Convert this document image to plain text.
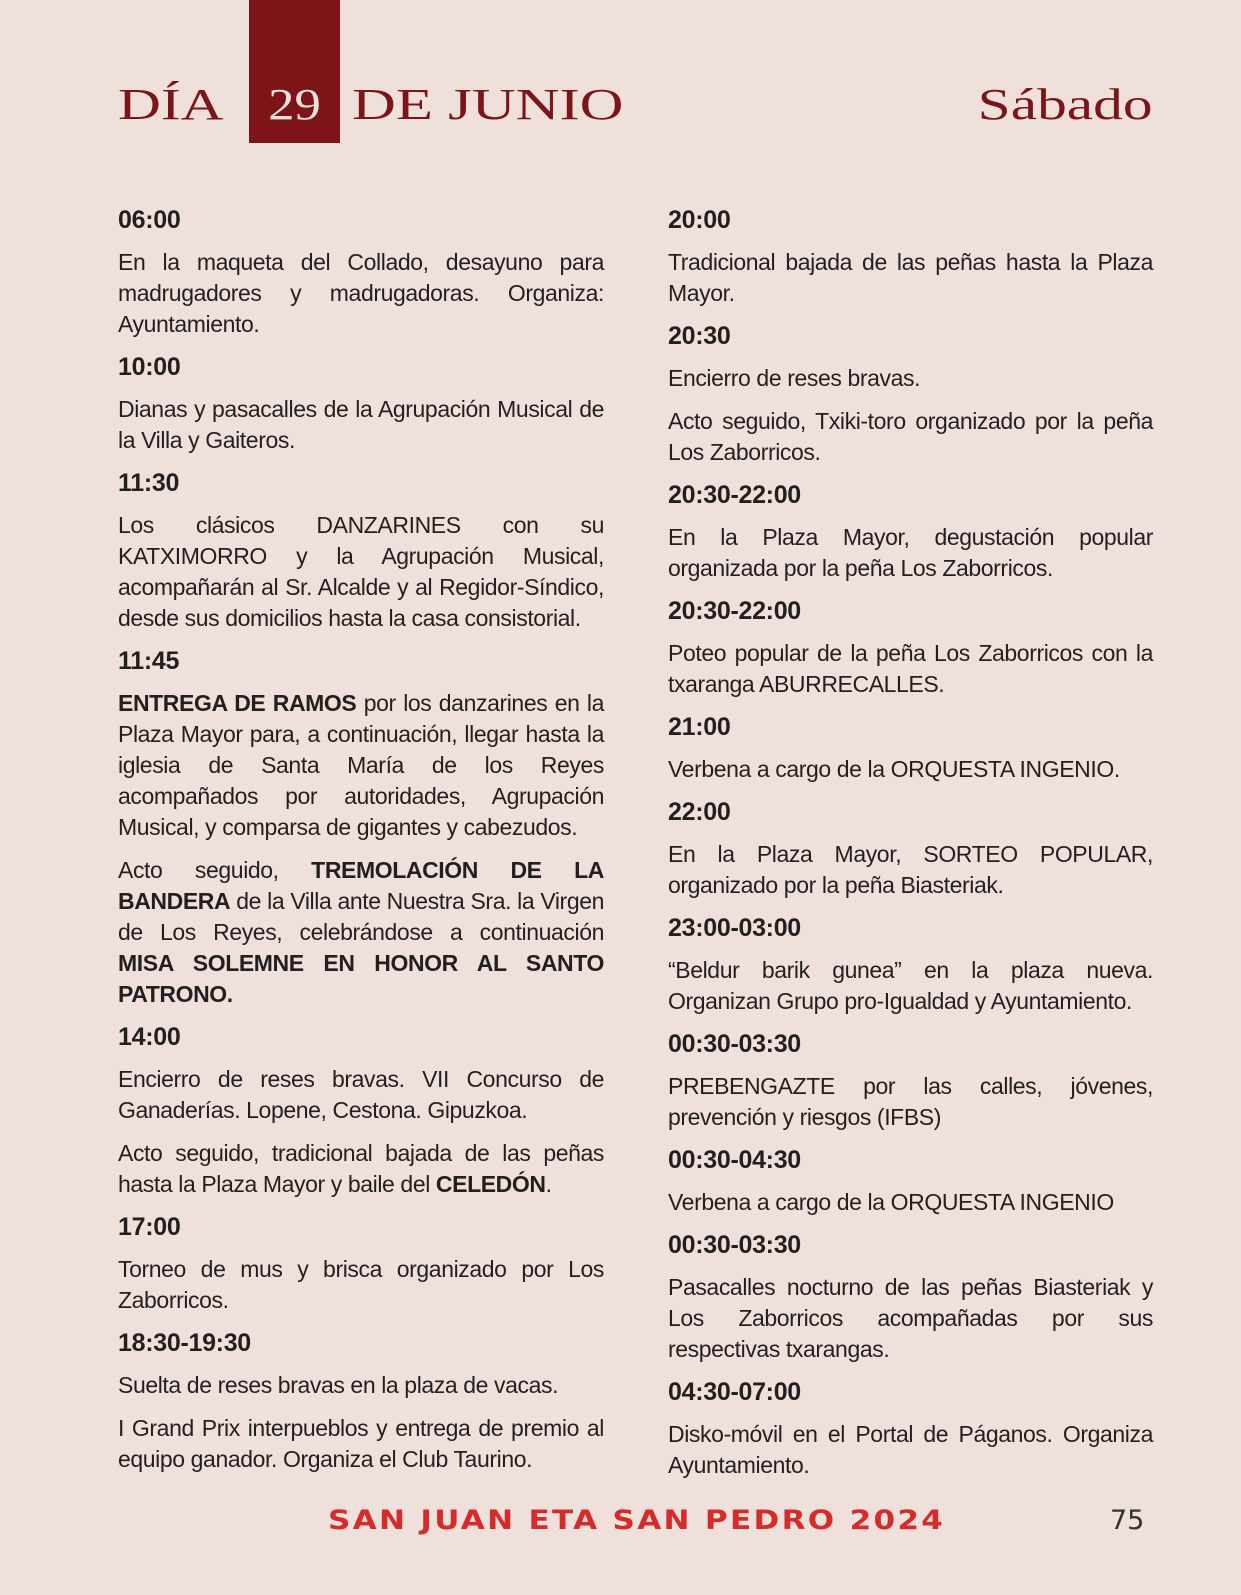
DÍA	29 DE JUNIO	Sábado
06:00
En la maqueta del Collado, desayuno para madrugadores y madrugadoras. Organiza: Ayuntamiento.
10:00
Dianas y pasacalles de la Agrupación Musical de la Villa y Gaiteros.
11:30
Los clásicos DANZARINES con su KATXIMORRO y la Agrupación Musical, acompañarán al Sr. Alcalde y al Regidor-Síndico, desde sus domicilios hasta la casa consistorial.
11:45
ENTREGA DE RAMOS por los danzarines en la Plaza Mayor para, a continuación, llegar hasta la iglesia de Santa María de los Reyes acompañados por autoridades, Agrupación Musical, y comparsa de gigantes y cabezudos.
Acto seguido, TREMOLACIÓN DE LA BANDERA de la Villa ante Nuestra Sra. la Virgen de Los Reyes, celebrándose a continuación MISA SOLEMNE EN HONOR AL SANTO PATRONO.
14:00
Encierro de reses bravas. VII Concurso de Ganaderías. Lopene, Cestona. Gipuzkoa.
Acto seguido, tradicional bajada de las peñas hasta la Plaza Mayor y baile del CELEDÓN.
17:00
Torneo de mus y brisca organizado por Los Zaborricos.
18:30-19:30
Suelta de reses bravas en la plaza de vacas.
I Grand Prix interpueblos y entrega de premio al equipo ganador. Organiza el Club Taurino.
20:00
Tradicional bajada de las peñas hasta la Plaza Mayor.
20:30
Encierro de reses bravas.
Acto seguido, Txiki-toro organizado por la peña Los Zaborricos.
20:30-22:00
En la Plaza Mayor, degustación popular organizada por la peña Los Zaborricos.
20:30-22:00
Poteo popular de la peña Los Zaborricos con la txaranga ABURRECALLES.
21:00
Verbena a cargo de la ORQUESTA INGENIO.
22:00
En la Plaza Mayor, SORTEO POPULAR, organizado por la peña Biasteriak.
23:00-03:00
“Beldur barik gunea” en la plaza nueva. Organizan Grupo pro-Igualdad y Ayuntamiento.
00:30-03:30
PREBENGAZTE por las calles, jóvenes, prevención y riesgos (IFBS)
00:30-04:30
Verbena a cargo de la ORQUESTA INGENIO
00:30-03:30
Pasacalles nocturno de las peñas Biasteriak y Los Zaborricos acompañadas por sus respectivas txarangas.
04:30-07:00
Disko-móvil en el Portal de Páganos. Organiza Ayuntamiento.
SAN JUAN ETA SAN PEDRO 2024	75
